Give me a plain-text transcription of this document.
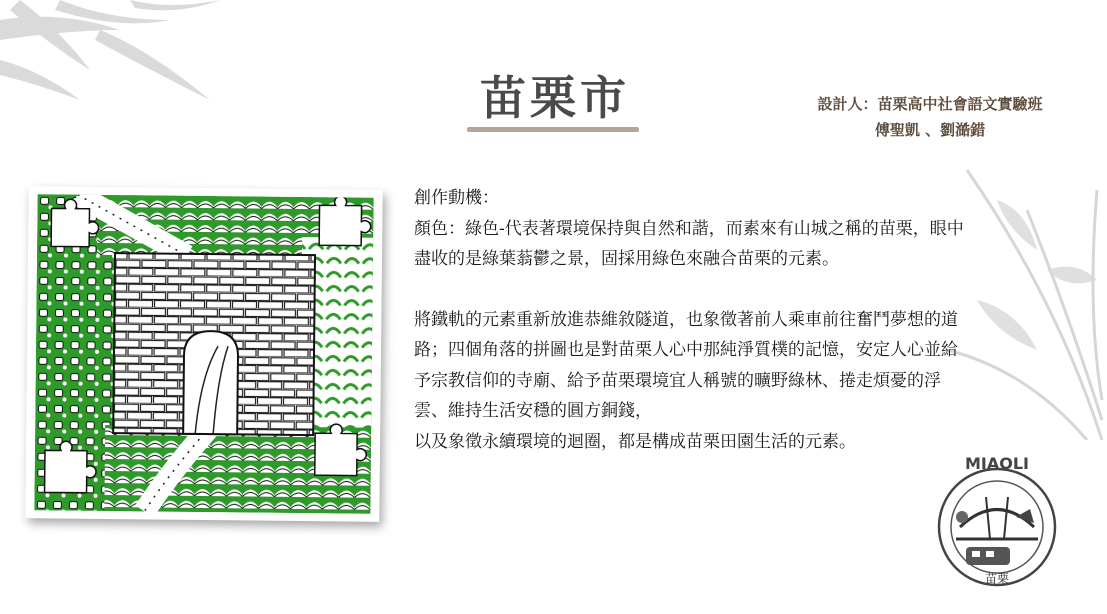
苗栗市	設計人：苗栗高中社會語文實驗班
傅聖凱 、劉澔錯
創作動機：
顏色：綠色-代表著環境保持與自然和諧，而素來有山城之稱的苗栗，眼中
盡收的是綠葉蓊鬱之景，固採用綠色來融合苗栗的元素。
將鐵軌的元素重新放進恭維敘隧道，也象徵著前人乘車前往奮鬥夢想的道
路；四個角落的拼圖也是對苗栗人心中那純淨質樸的記憶，安定人心並給
予宗教信仰的寺廟、給予苗栗環境宜人稱號的曠野綠林、捲走煩憂的浮
雲、維持生活安穩的圓方銅錢，
以及象徵永續環境的迴圈，都是構成苗栗田園生活的元素。
MIAOLI
苗栗
